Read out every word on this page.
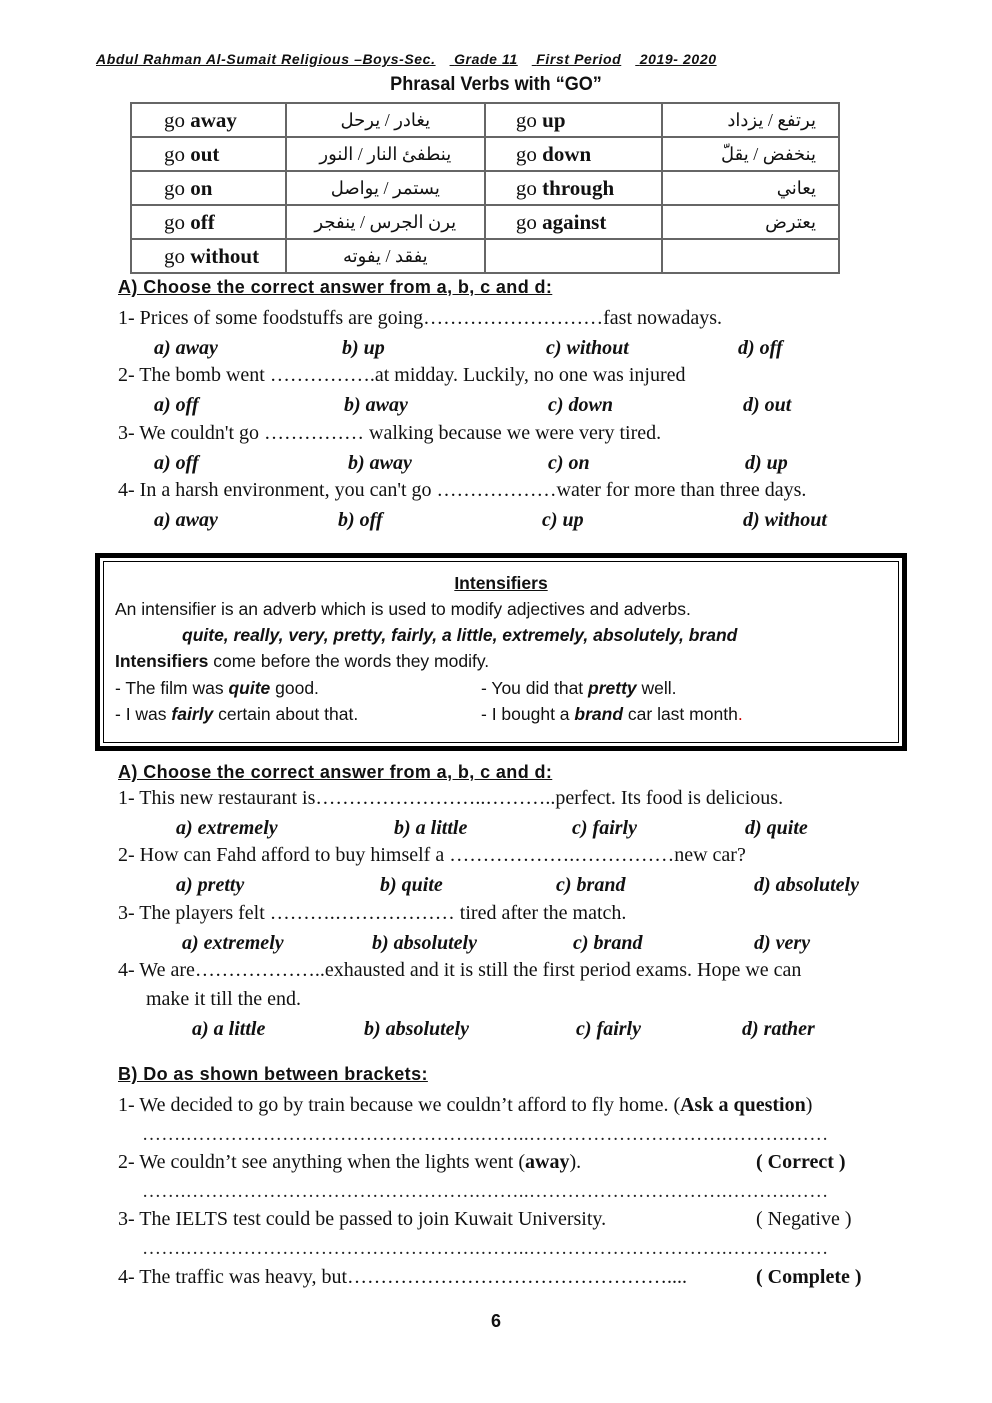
Abdul Rahman Al-Sumait Religious –Boys-Sec. Grade 11 First Period 2019- 2020
Phrasal Verbs with “GO”
go away	يغادر / يرحل	go up	يرتفع / يزداد
go out	ينطفئ النار / النور	go down	ينخفض / يقلّ
go on	يستمر / يواصل	go through	يعاني
go off	يرن الجرس / ينفجر	go against	يعترض
go without	يفقد / يفوته		
A) Choose the correct answer from a, b, c and d:
1- Prices of some foodstuffs are going………………………fast nowadays.
a) away	b) up	c) without	d) off
2- The bomb went …………….at midday. Luckily, no one was injured
a) off	b) away	c) down	d) out
3- We couldn't go …………… walking because we were very tired.
a) off	b) away	c) on	d) up
4- In a harsh environment, you can't go ………………water for more than three days.
a) away	b) off	c) up	d) without
Intensifiers
An intensifier is an adverb which is used to modify adjectives and adverbs.
quite, really, very, pretty, fairly, a little, extremely, absolutely, brand
Intensifiers come before the words they modify.
- The film was quite good.	- You did that pretty well.
- I was fairly certain about that.	- I bought a brand car last month.
A) Choose the correct answer from a, b, c and d:
1- This new restaurant is……………………..………..perfect. Its food is delicious.
a) extremely	b) a little	c) fairly	d) quite
2- How can Fahd afford to buy himself a ……………….……………new car?
a) pretty	b) quite	c) brand	d) absolutely
3- The players felt ……….……………… tired after the match.
a) extremely	b) absolutely	c) brand	d) very
4- We are………………..exhausted and it is still the first period exams. Hope we can
make it till the end.
a) a little	b) absolutely	c) fairly	d) rather
B) Do as shown between brackets:
1- We decided to go by train because we couldn’t afford to fly home. (Ask a question)
…….……………………………………….……..………………………….……….……
2- We couldn’t see anything when the lights went (away).	( Correct )
…….……………………………………….……..………………………….……….……
3- The IELTS test could be passed to join Kuwait University.	( Negative )
…….……………………………………….……..………………………….……….……
4- The traffic was heavy, but…………………………………………....	( Complete )
6
